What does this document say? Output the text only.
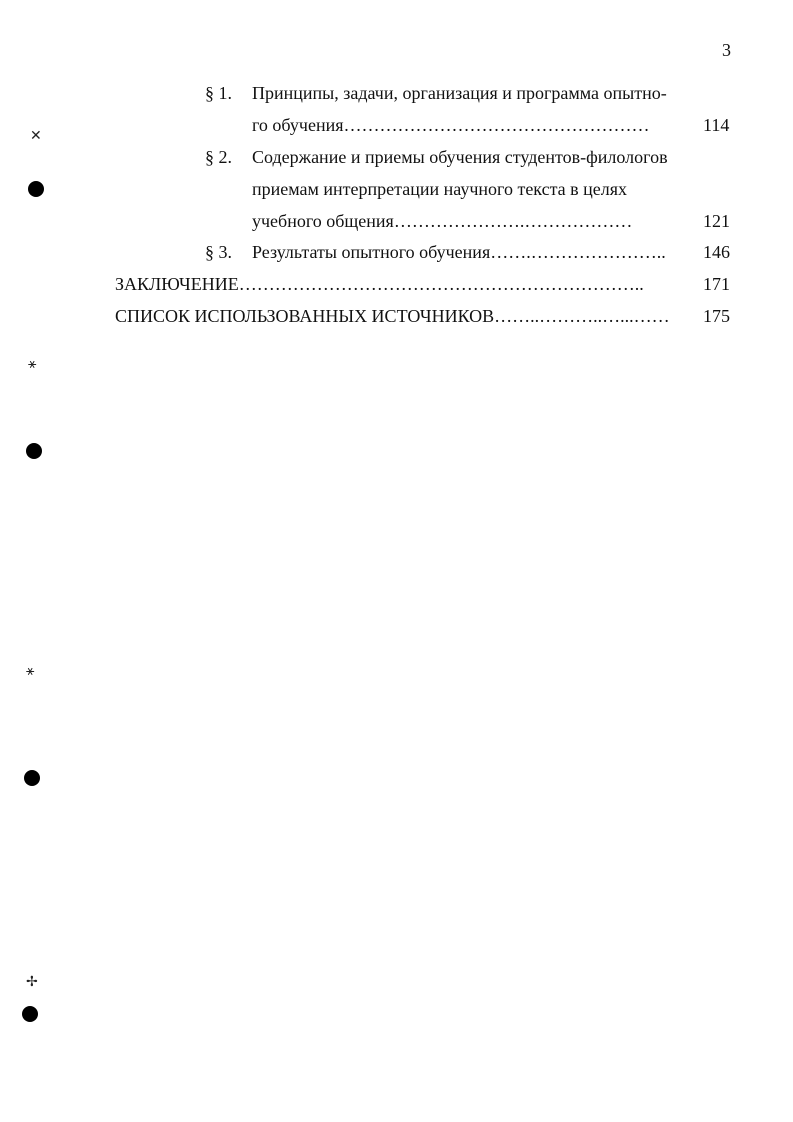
3
§ 1. Принципы, задачи, организация и программа опытно-
го обучения……………………………………………	114
§ 2. Содержание и приемы обучения студентов-филологов
приемам интерпретации научного текста в целях
учебного общения………………….………………	121
§ 3. Результаты опытного обучения…….………………….. 146
ЗАКЛЮЧЕНИЕ…………………………………………………………..	171
СПИСОК ИСПОЛЬЗОВАННЫХ ИСТОЧНИКОВ……..………..…...…… 175
✕
⚹
⚹
✢
